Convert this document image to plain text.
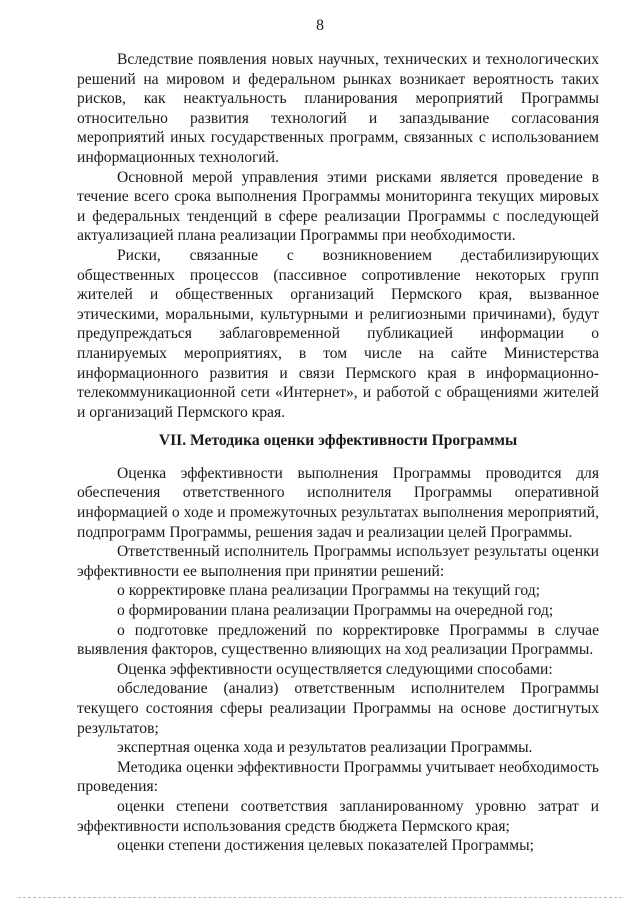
8

Вследствие появления новых научных, технических и технологических решений на мировом и федеральном рынках возникает вероятность таких рисков, как неактуальность планирования мероприятий Программы относительно развития технологий и запаздывание согласования мероприятий иных государственных программ, связанных с использованием информационных технологий.

Основной мерой управления этими рисками является проведение в течение всего срока выполнения Программы мониторинга текущих мировых и федеральных тенденций в сфере реализации Программы с последующей актуализацией плана реализации Программы при необходимости.

Риски, связанные с возникновением дестабилизирующих общественных процессов (пассивное сопротивление некоторых групп жителей и общественных организаций Пермского края, вызванное этическими, моральными, культурными и религиозными причинами), будут предупреждаться заблаговременной публикацией информации о планируемых мероприятиях, в том числе на сайте Министерства информационного развития и связи Пермского края в информационно-телекоммуникационной сети «Интернет», и работой с обращениями жителей и организаций Пермского края.

VII. Методика оценки эффективности Программы

Оценка эффективности выполнения Программы проводится для обеспечения ответственного исполнителя Программы оперативной информацией о ходе и промежуточных результатах выполнения мероприятий, подпрограмм Программы, решения задач и реализации целей Программы.

Ответственный исполнитель Программы использует результаты оценки эффективности ее выполнения при принятии решений:

о корректировке плана реализации Программы на текущий год;

о формировании плана реализации Программы на очередной год;

о подготовке предложений по корректировке Программы в случае выявления факторов, существенно влияющих на ход реализации Программы.

Оценка эффективности осуществляется следующими способами:

обследование (анализ) ответственным исполнителем Программы текущего состояния сферы реализации Программы на основе достигнутых результатов;

экспертная оценка хода и результатов реализации Программы.

Методика оценки эффективности Программы учитывает необходимость проведения:

оценки степени соответствия запланированному уровню затрат и эффективности использования средств бюджета Пермского края;

оценки степени достижения целевых показателей Программы;
